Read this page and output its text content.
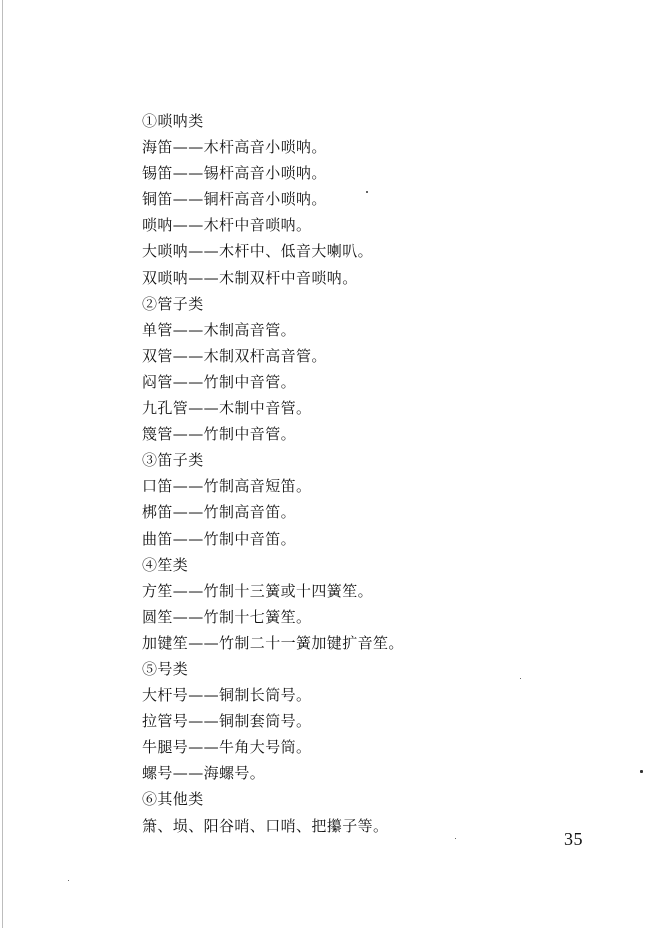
①唢呐类
海笛——木杆高音小唢呐。
锡笛——锡杆高音小唢呐。
铜笛——铜杆高音小唢呐。
唢呐——木杆中音唢呐。
大唢呐——木杆中、低音大喇叭。
双唢呐——木制双杆中音唢呐。
②管子类
单管——木制高音管。
双管——木制双杆高音管。
闷管——竹制中音管。
九孔管——木制中音管。
篾管——竹制中音管。
③笛子类
口笛——竹制高音短笛。
梆笛——竹制高音笛。
曲笛——竹制中音笛。
④笙类
方笙——竹制十三簧或十四簧笙。
圆笙——竹制十七簧笙。
加键笙——竹制二十一簧加键扩音笙。
⑤号类
大杆号——铜制长筒号。
拉管号——铜制套筒号。
牛腿号——牛角大号筒。
螺号——海螺号。
⑥其他类
箫、埙、阳谷哨、口哨、把攥子等。
35
